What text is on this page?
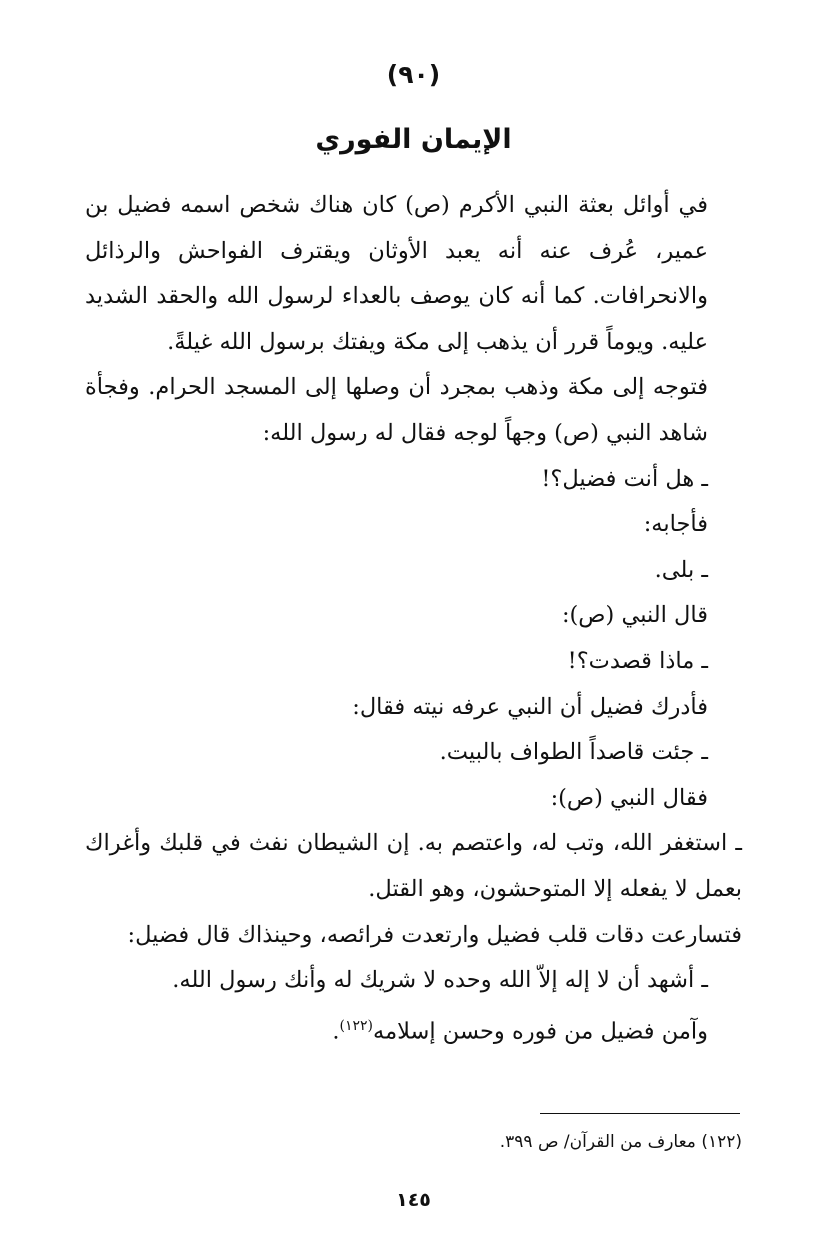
(٩٠)
الإيمان الفوري

في أوائل بعثة النبي الأكرم (ص) كان هناك شخص اسمه فضيل بن عمير، عُرف عنه أنه يعبد الأوثان ويقترف الفواحش والرذائل والانحرافات. كما أنه كان يوصف بالعداء لرسول الله والحقد الشديد عليه. ويوماً قرر أن يذهب إلى مكة ويفتك برسول الله غيلةً.

فتوجه إلى مكة وذهب بمجرد أن وصلها إلى المسجد الحرام. وفجأة شاهد النبي (ص) وجهاً لوجه فقال له رسول الله:

ـ هل أنت فضيل؟!

فأجابه:

ـ بلى.

قال النبي (ص):

ـ ماذا قصدت؟!

فأدرك فضيل أن النبي عرفه نيته فقال:

ـ جئت قاصداً الطواف بالبيت.

فقال النبي (ص):

ـ استغفر الله، وتب له، واعتصم به. إن الشيطان نفث في قلبك وأغراك بعمل لا يفعله إلا المتوحشون، وهو القتل.

فتسارعت دقات قلب فضيل وارتعدت فرائصه، وحينذاك قال فضيل:

ـ أشهد أن لا إله إلاّ الله وحده لا شريك له وأنك رسول الله.

وآمن فضيل من فوره وحسن إسلامه$^{(١٢٢)}$.

(١٢٢) معارف من القرآن/ ص ٣٩٩.
١٤٥
